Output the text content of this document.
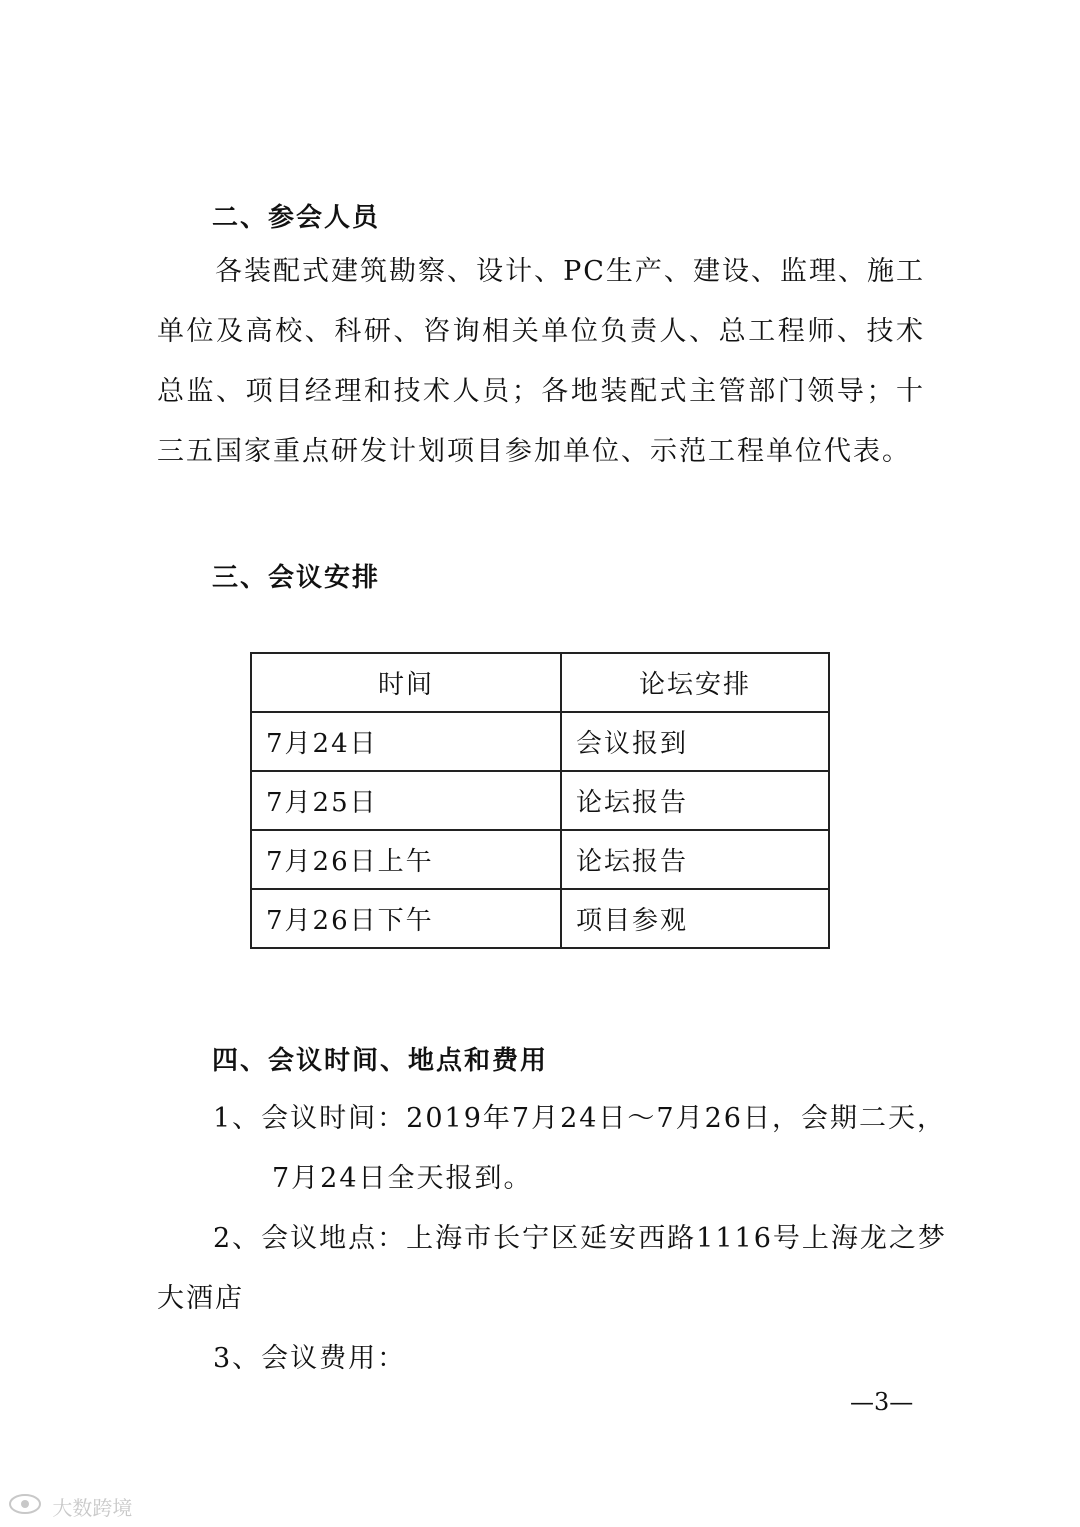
二、参会人员

各装配式建筑勘察、设计、PC生产、建设、监理、施工单位及高校、科研、咨询相关单位负责人、总工程师、技术总监、项目经理和技术人员；各地装配式主管部门领导；十三五国家重点研发计划项目参加单位、示范工程单位代表。

三、会议安排
时间	论坛安排
7月24日	会议报到
7月25日	论坛报告
7月26日上午	论坛报告
7月26日下午	项目参观
四、会议时间、地点和费用
1、会议时间：2019年7月24日～7月26日，会期二天，
7月24日全天报到。
2、会议地点：上海市长宁区延安西路1116号上海龙之梦
大酒店
3、会议费用：
—3—
大数跨境
